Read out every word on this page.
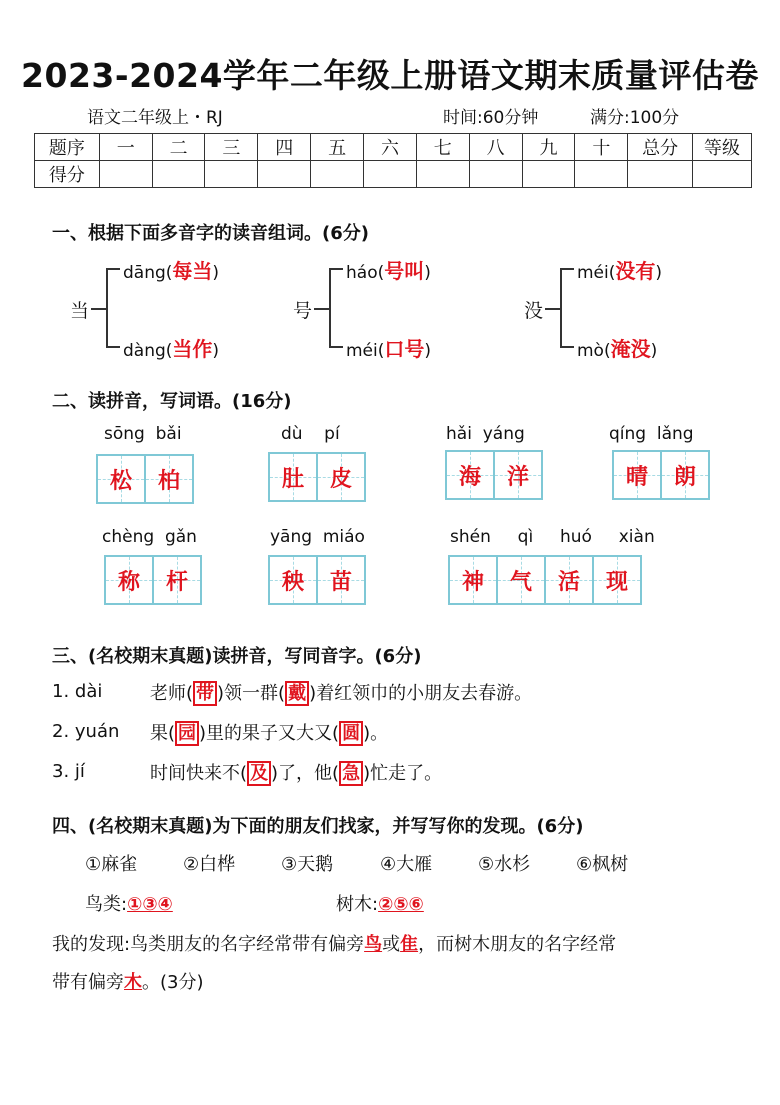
2023-2024学年二年级上册语文期末质量评估卷
语文二年级上・RJ	时间:60分钟	满分:100分
题序	一	二	三	四	五	六	七	八	九	十	总分	等级
得分												
一、根据下面多音字的读音组词。(6分)
当
dāng(每当)
dàng(当作)
号
háo(号叫)
méi(口号)
没
méi(没有)
mò(淹没)
二、读拼音，写词语。(16分)
sōng  bǎi
松 柏
dù    pí
肚 皮
hǎi  yáng
海 洋
qíng  lǎng
晴 朗
chèng  gǎn
称 杆
yāng  miáo
秧 苗
shén  qì  huó  xiàn
神 气 活 现
三、(名校期末真题)读拼音，写同音字。(6分)
1. dài	老师( 带 )领一群( 戴 )着红领巾的小朋友去春游。
2. yuán 果( 园 )里的果子又大又( 圆 )。
3. jí	时间快来不( 及 )了，他( 急 )忙走了。
四、(名校期末真题)为下面的朋友们找家，并写写你的发现。(6分)
①麻雀	②白桦	③天鹅	④大雁	⑤水杉	⑥枫树
鸟类:①③④	树木:②⑤⑥
我的发现:鸟类朋友的名字经常带有偏旁鸟或隹，而树木朋友的名字经常
带有偏旁木。(3分)
